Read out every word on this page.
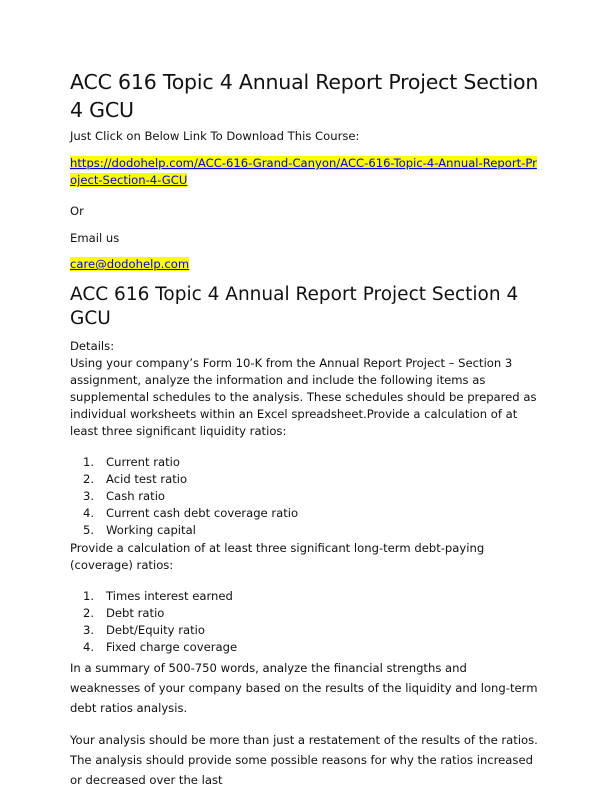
ACC 616 Topic 4 Annual Report Project Section 4 GCU

Just Click on Below Link To Download This Course:

https://dodohelp.com/ACC-616-Grand-Canyon/ACC-616-Topic-4-Annual-Report-Project-Section-4-GCU

Or

Email us

care@dodohelp.com

ACC 616 Topic 4 Annual Report Project Section 4 GCU

Details:

Using your company’s Form 10-K from the Annual Report Project – Section 3 assignment, analyze the information and include the following items as supplemental schedules to the analysis. These schedules should be prepared as individual worksheets within an Excel spreadsheet.Provide a calculation of at least three significant liquidity ratios:

1.	Current ratio
2.	Acid test ratio
3.	Cash ratio
4.	Current cash debt coverage ratio
5.	Working capital

Provide a calculation of at least three significant long-term debt-paying (coverage) ratios:

1.	Times interest earned
2.	Debt ratio
3.	Debt/Equity ratio
4.	Fixed charge coverage

In a summary of 500-750 words, analyze the financial strengths and weaknesses of your company based on the results of the liquidity and long-term debt ratios analysis.

Your analysis should be more than just a restatement of the results of the ratios. The analysis should provide some possible reasons for why the ratios increased or decreased over the last
